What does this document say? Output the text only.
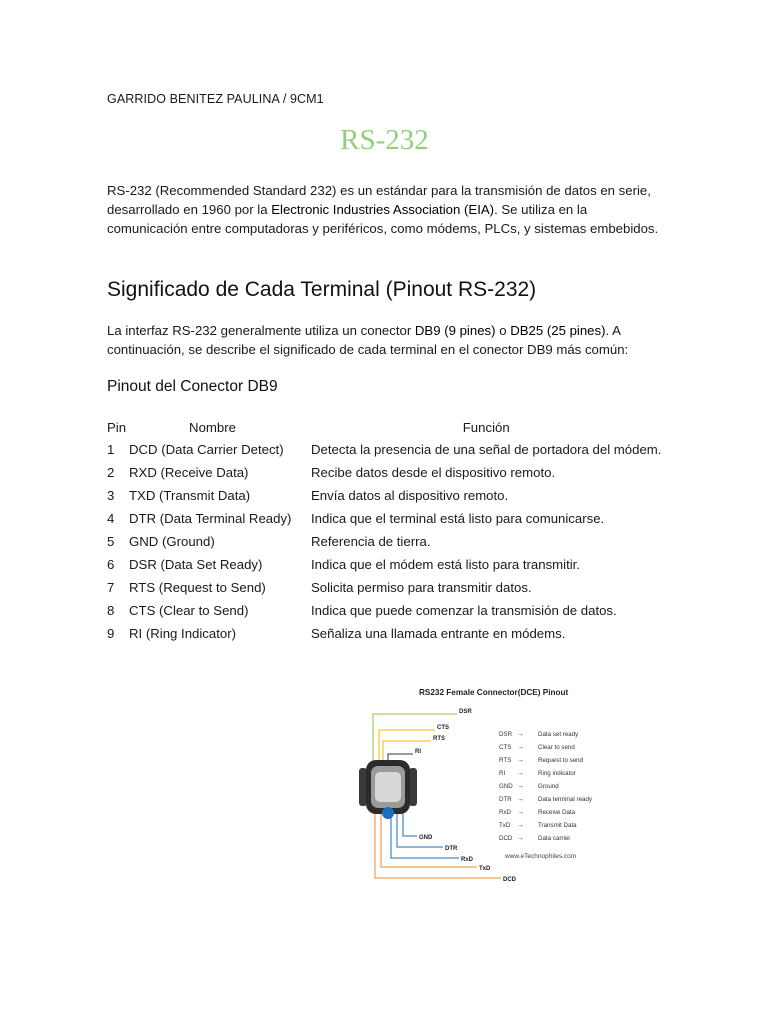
GARRIDO BENITEZ PAULINA / 9CM1
RS-232

RS-232 (Recommended Standard 232) es un estándar para la transmisión de datos en serie, desarrollado en 1960 por la Electronic Industries Association (EIA). Se utiliza en la comunicación entre computadoras y periféricos, como módems, PLCs, y sistemas embebidos.

Significado de Cada Terminal (Pinout RS-232)

La interfaz RS-232 generalmente utiliza un conector DB9 (9 pines) o DB25 (25 pines). A continuación, se describe el significado de cada terminal en el conector DB9 más común:

Pinout del Conector DB9
Pin	Nombre	Función
1	DCD (Data Carrier Detect)	Detecta la presencia de una señal de portadora del módem.
2	RXD (Receive Data)	Recibe datos desde el dispositivo remoto.
3	TXD (Transmit Data)	Envía datos al dispositivo remoto.
4	DTR (Data Terminal Ready)	Indica que el terminal está listo para comunicarse.
5	GND (Ground)	Referencia de tierra.
6	DSR (Data Set Ready)	Indica que el módem está listo para transmitir.
7	RTS (Request to Send)	Solicita permiso para transmitir datos.
8	CTS (Clear to Send)	Indica que puede comenzar la transmisión de datos.
9	RI (Ring Indicator)	Señaliza una llamada entrante en módems.
RS232 Female Connector(DCE) Pinout
DSR
CTS
RTS
RI
GND
DTR
RxD
TxD
DCD
DSR → Data set ready
CTS → Clear to send
RTS → Request to send
RI → Ring indicator
GND → Ground
DTR → Data terminal ready
RxD → Receive Data
TxD → Transmit Data
DCD → Data carrier
www.eTechnophiles.com
